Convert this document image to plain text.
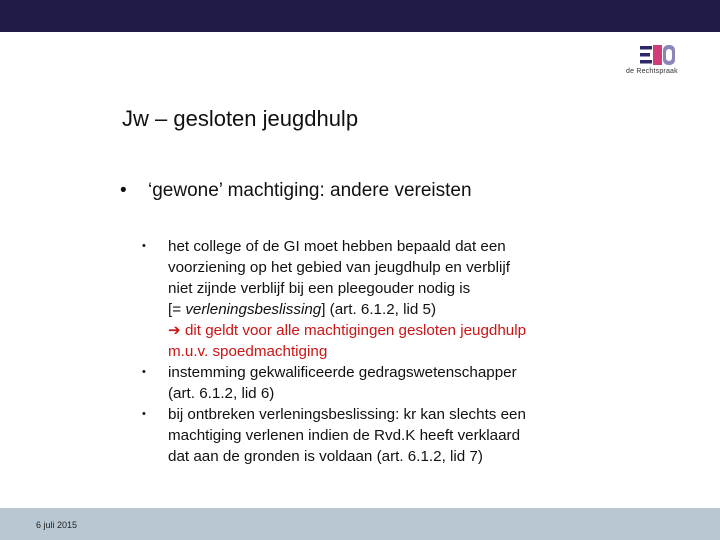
de Rechtspraak
Jw – gesloten jeugdhulp
• ‘gewone’ machtiging: andere vereisten
• het college of de GI moet hebben bepaald dat een
voorziening op het gebied van jeugdhulp en verblijf
niet zijnde verblijf bij een pleegouder nodig is
[= verleningsbeslissing] (art. 6.1.2, lid 5)
➔ dit geldt voor alle machtigingen gesloten jeugdhulp
m.u.v. spoedmachtiging
• instemming gekwalificeerde gedragswetenschapper
(art. 6.1.2, lid 6)
• bij ontbreken verleningsbeslissing: kr kan slechts een
machtiging verlenen indien de Rvd.K heeft verklaard
dat aan de gronden is voldaan (art. 6.1.2, lid 7)
6 juli 2015
